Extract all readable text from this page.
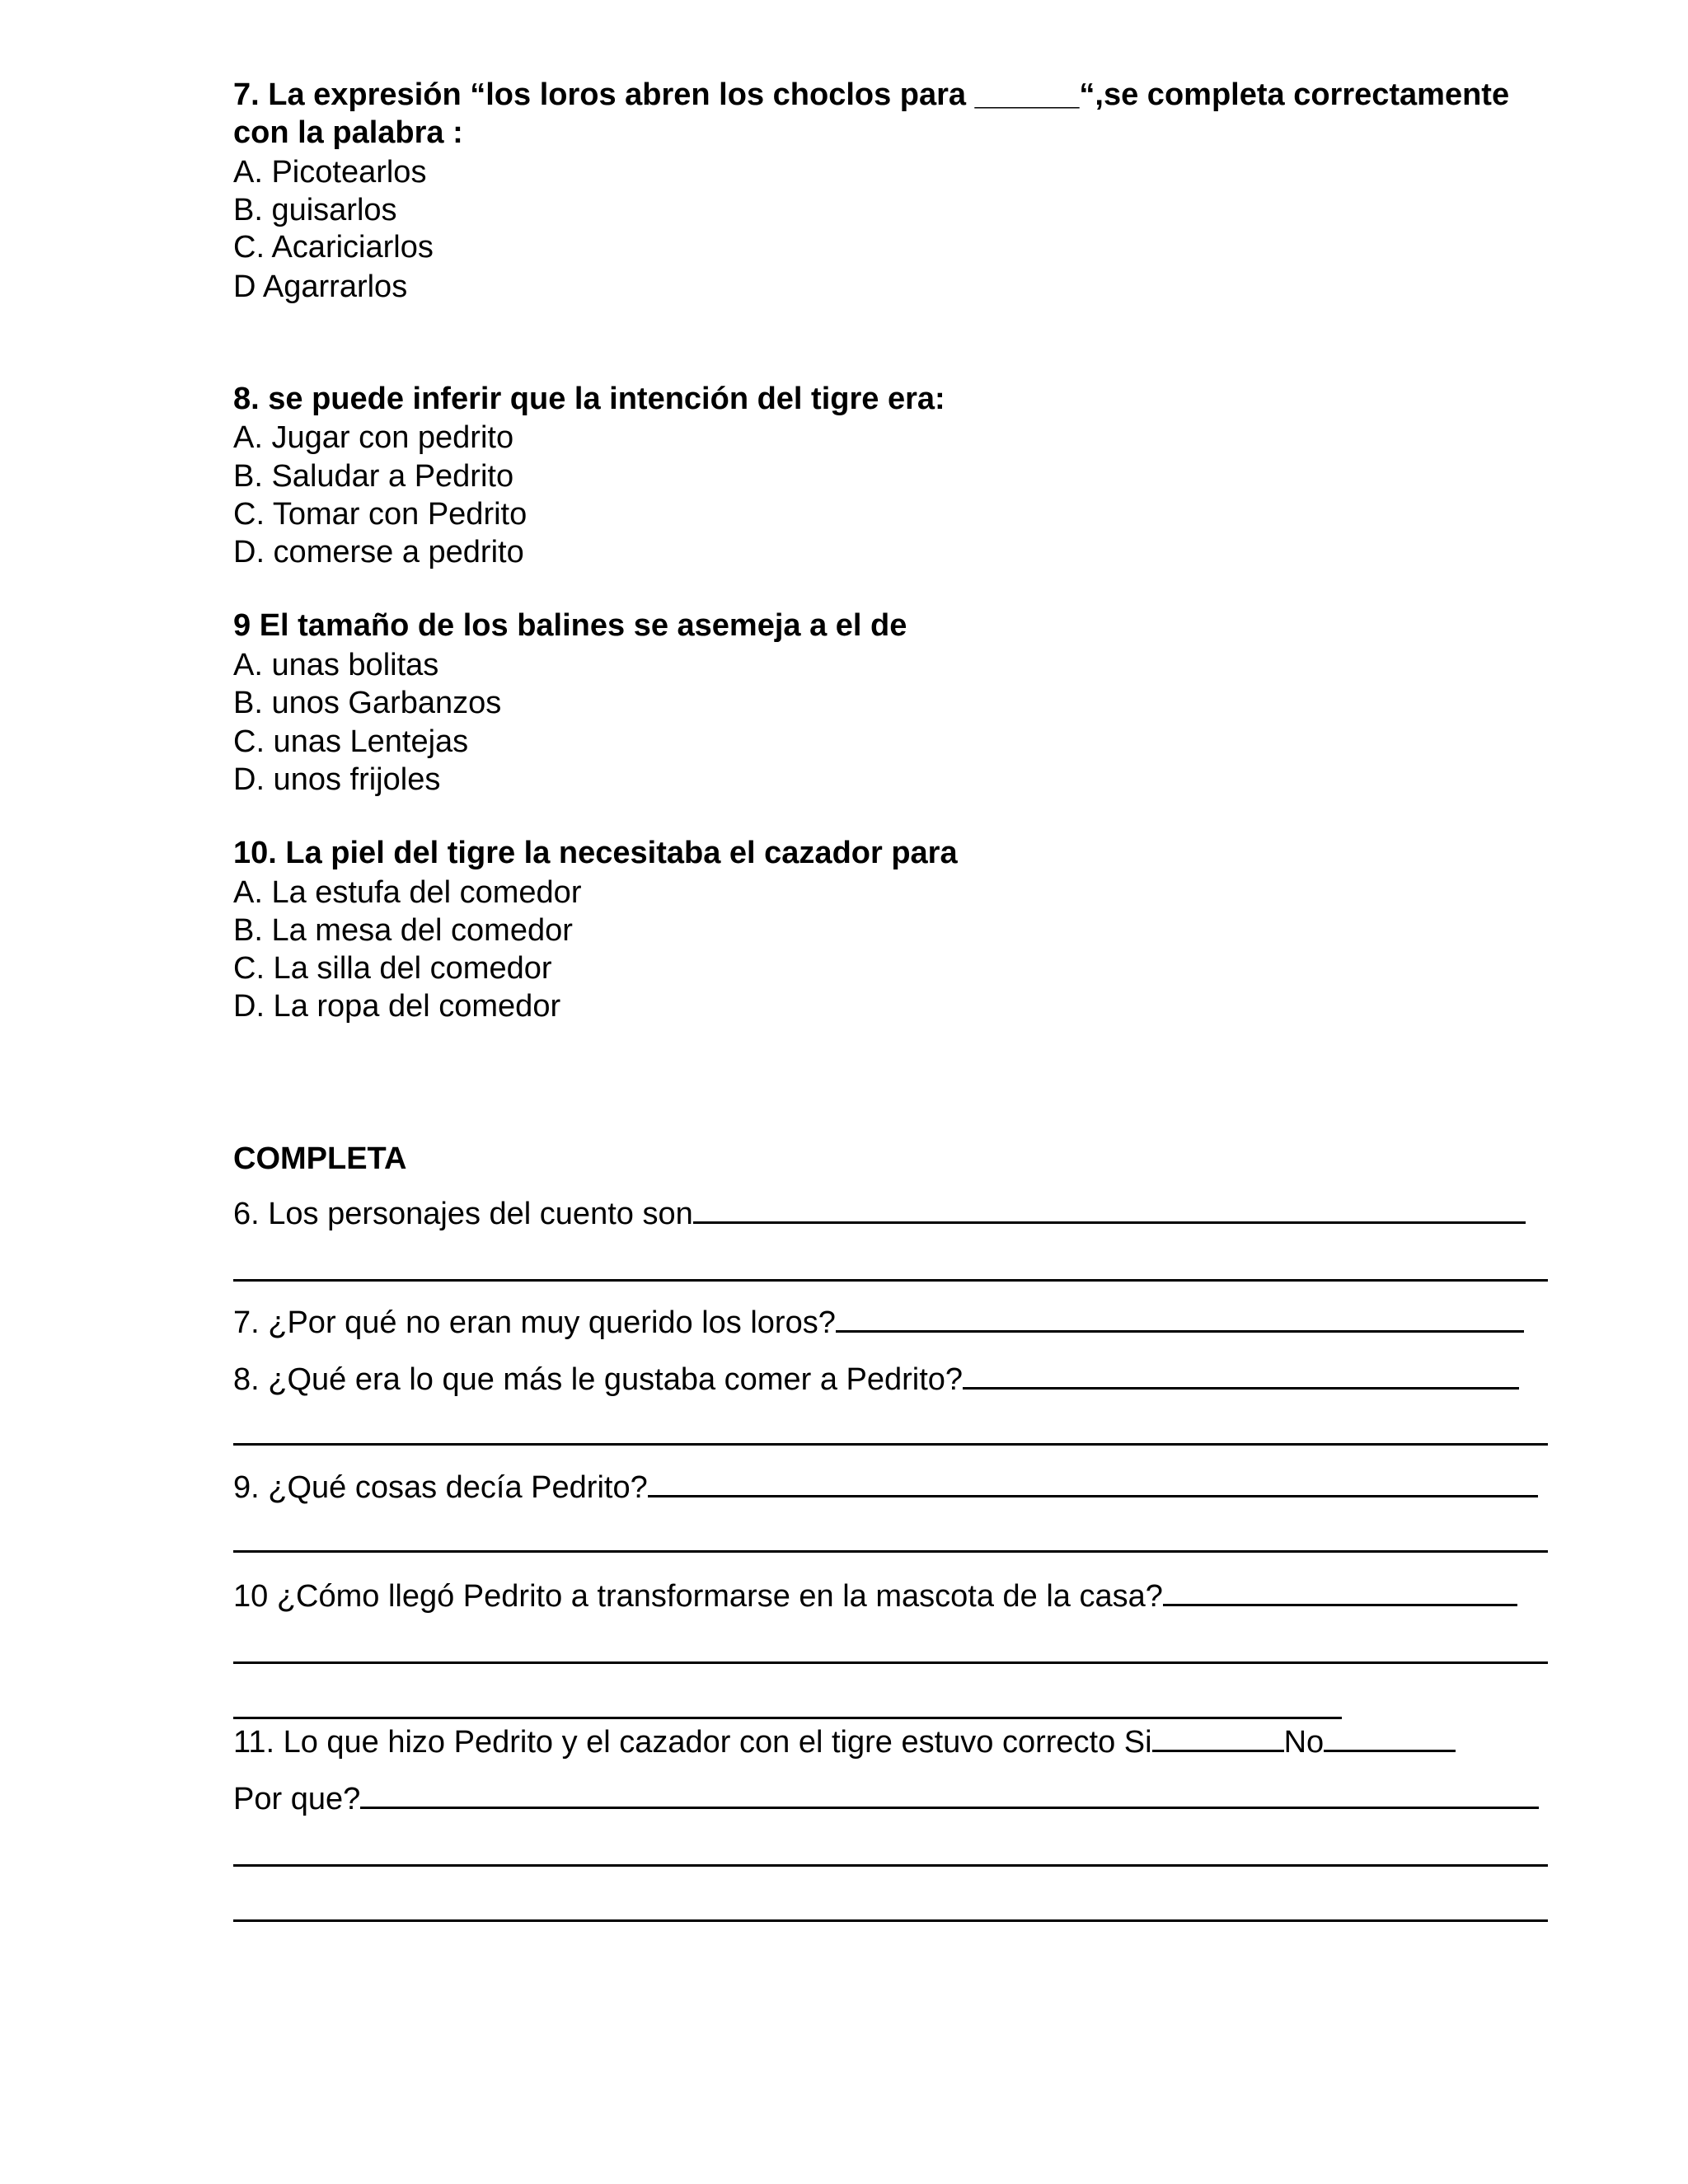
7. La expresión “los loros abren los choclos para ______“,se completa correctamente
con la palabra :
A. Picotearlos
B. guisarlos
C. Acariciarlos
D Agarrarlos
8. se puede inferir que la intención del tigre era:
A. Jugar con pedrito
B. Saludar a Pedrito
C. Tomar con Pedrito
D. comerse a pedrito
9 El tamaño de los balines se asemeja a el de
A. unas bolitas
B. unos Garbanzos
C. unas Lentejas
D. unos frijoles
10. La piel del tigre la necesitaba el cazador para
A. La estufa del comedor
B. La mesa del comedor
C. La silla del comedor
D. La ropa del comedor
COMPLETA
6. Los personajes del cuento son
7. ¿Por qué no eran muy querido los loros?
8. ¿Qué era lo que más le gustaba comer a Pedrito?
9. ¿Qué cosas decía Pedrito?
10 ¿Cómo llegó Pedrito a transformarse en la mascota de la casa?
11. Lo que hizo Pedrito y el cazador con el tigre estuvo correcto Si	No
Por que?
